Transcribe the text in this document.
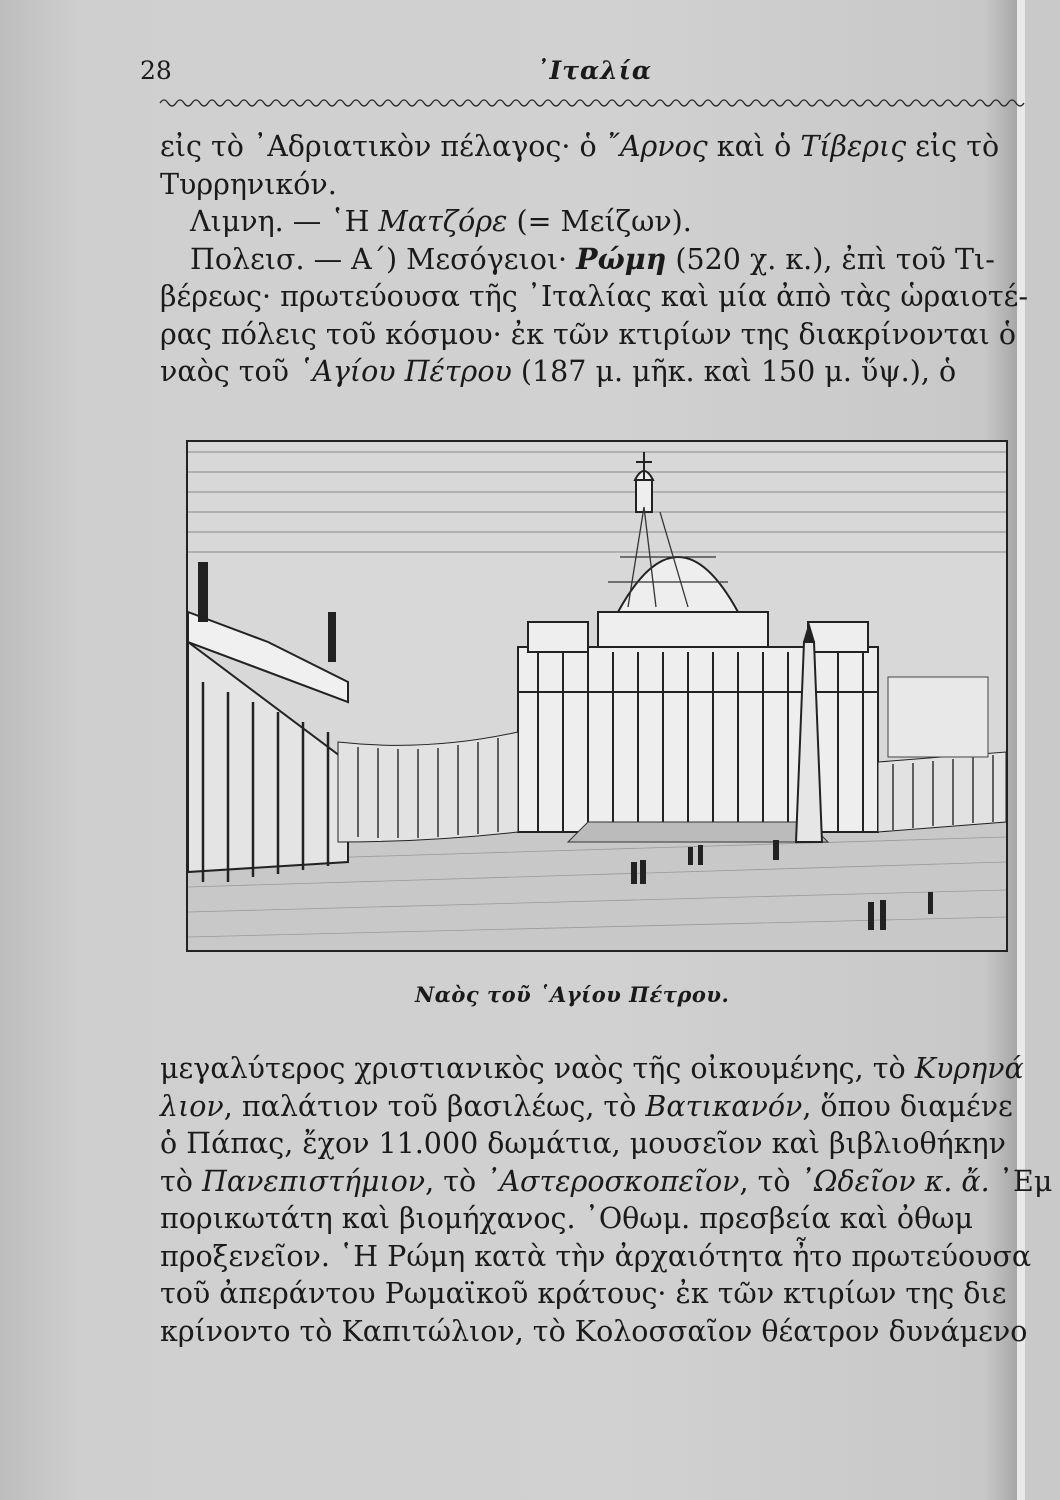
28	᾿Ιταλία

εἰς τὸ ᾿Αδριατικὸν πέλαγος· ὁ ῎Αρνος καὶ ὁ Τίβερις εἰς τὸ
Τυρρηνικόν.
Λιμνη. — ῾Η Ματζόρε (= Μείζων).
Πολεισ. — Α΄) Μεσόγειοι· Ρώμη (520 χ. κ.), ἐπὶ τοῦ Τι-
βέρεως· πρωτεύουσα τῆς ᾿Ιταλίας καὶ μία ἀπὸ τὰς ὡραιοτέ-
ρας πόλεις τοῦ κόσμου· ἐκ τῶν κτιρίων της διακρίνονται ὁ
ναὸς τοῦ ῾Αγίου Πέτρου (187 μ. μῆκ. καὶ 150 μ. ὕψ.), ὁ

Ναὸς τοῦ ῾Αγίου Πέτρου.

μεγαλύτερος χριστιανικὸς ναὸς τῆς οἰκουμένης, τὸ Κυρηνά
λιον, παλάτιον τοῦ βασιλέως, τὸ Βατικανόν, ὅπου διαμένε
ὁ Πάπας, ἔχον 11.000 δωμάτια, μουσεῖον καὶ βιβλιοθήκην
τὸ Πανεπιστήμιον, τὸ ᾿Αστεροσκοπεῖον, τὸ ᾿Ωδεῖον κ. ἄ. ᾿Εμ
πορικωτάτη καὶ βιομήχανος. ᾿Οθωμ. πρεσβεία καὶ ὀθωμ
προξενεῖον. ῾Η Ρώμη κατὰ τὴν ἀρχαιότητα ἦτο πρωτεύουσα
τοῦ ἀπεράντου Ρωμαϊκοῦ κράτους· ἐκ τῶν κτιρίων της διε
κρίνοντο τὸ Καπιτώλιον, τὸ Κολοσσαῖον θέατρον δυνάμενο
